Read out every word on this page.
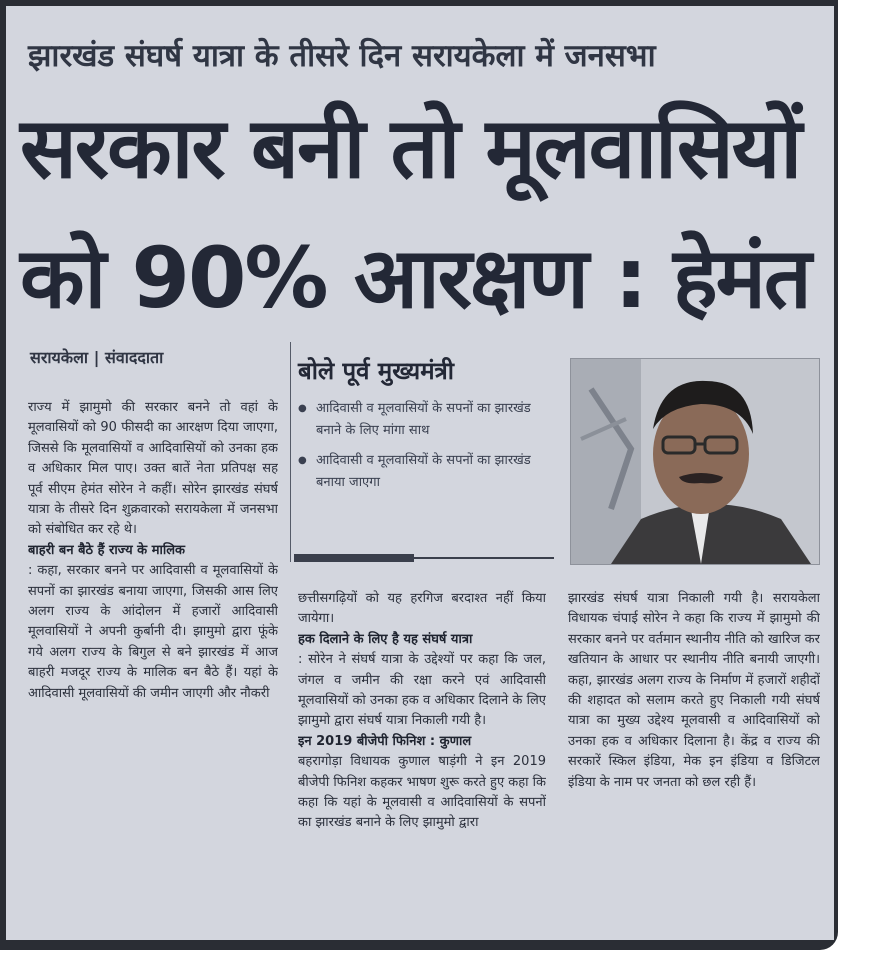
झारखंड संघर्ष यात्रा के तीसरे दिन सरायकेला में जनसभा
सरकार बनी तो मूलवासियों
को 90% आरक्षण : हेमंत
सरायकेला | संवाददाता	बोले पूर्व मुख्यमंत्री
● आदिवासी व मूलवासियों के सपनों का झारखंड बनाने के लिए मांगा साथ
● आदिवासी व मूलवासियों के सपनों का झारखंड बनाया जाएगा

राज्य में झामुमो की सरकार बनने तो वहां के मूलवासियों को 90 फीसदी का आरक्षण दिया जाएगा, जिससे कि मूलवासियों व आदिवासियों को उनका हक व अधिकार मिल पाए। उक्त बातें नेता प्रतिपक्ष सह पूर्व सीएम हेमंत सोरेन ने कहीं। सोरेन झारखंड संघर्ष यात्रा के तीसरे दिन शुक्रवारको सरायकेला में जनसभा को संबोधित कर रहे थे।

बाहरी बन बैठे हैं राज्य के मालिक

: कहा, सरकार बनने पर आदिवासी व मूलवासियों के सपनों का झारखंड बनाया जाएगा, जिसकी आस लिए अलग राज्य के आंदोलन में हजारों आदिवासी मूलवासियों ने अपनी कुर्बानी दी। झामुमो द्वारा फूंके गये अलग राज्य के बिगुल से बने झारखंड में आज बाहरी मजदूर राज्य के मालिक बन बैठे हैं। यहां के आदिवासी मूलवासियों की जमीन जाएगी और नौकरी

छत्तीसगढ़ियों को यह हरगिज बरदाश्त नहीं किया जायेगा।

हक दिलाने के लिए है यह संघर्ष यात्रा

: सोरेन ने संघर्ष यात्रा के उद्देश्यों पर कहा कि जल, जंगल व जमीन की रक्षा करने एवं आदिवासी मूलवासियों को उनका हक व अधिकार दिलाने के लिए झामुमो द्वारा संघर्ष यात्रा निकाली गयी है।

इन 2019 बीजेपी फिनिश : कुणाल

बहरागोड़ा विधायक कुणाल षाड़ंगी ने इन 2019 बीजेपी फिनिश कहकर भाषण शुरू करते हुए कहा कि कहा कि यहां के मूलवासी व आदिवासियों के सपनों का झारखंड बनाने के लिए झामुमो द्वारा

झारखंड संघर्ष यात्रा निकाली गयी है। सरायकेला विधायक चंपाई सोरेन ने कहा कि राज्य में झामुमो की सरकार बनने पर वर्तमान स्थानीय नीति को खारिज कर खतियान के आधार पर स्थानीय नीति बनायी जाएगी। कहा, झारखंड अलग राज्य के निर्माण में हजारों शहीदों की शहादत को सलाम करते हुए निकाली गयी संघर्ष यात्रा का मुख्य उद्देश्य मूलवासी व आदिवासियों को उनका हक व अधिकार दिलाना है। केंद्र व राज्य की सरकारें स्किल इंडिया, मेक इन इंडिया व डिजिटल इंडिया के नाम पर जनता को छल रही हैं।
